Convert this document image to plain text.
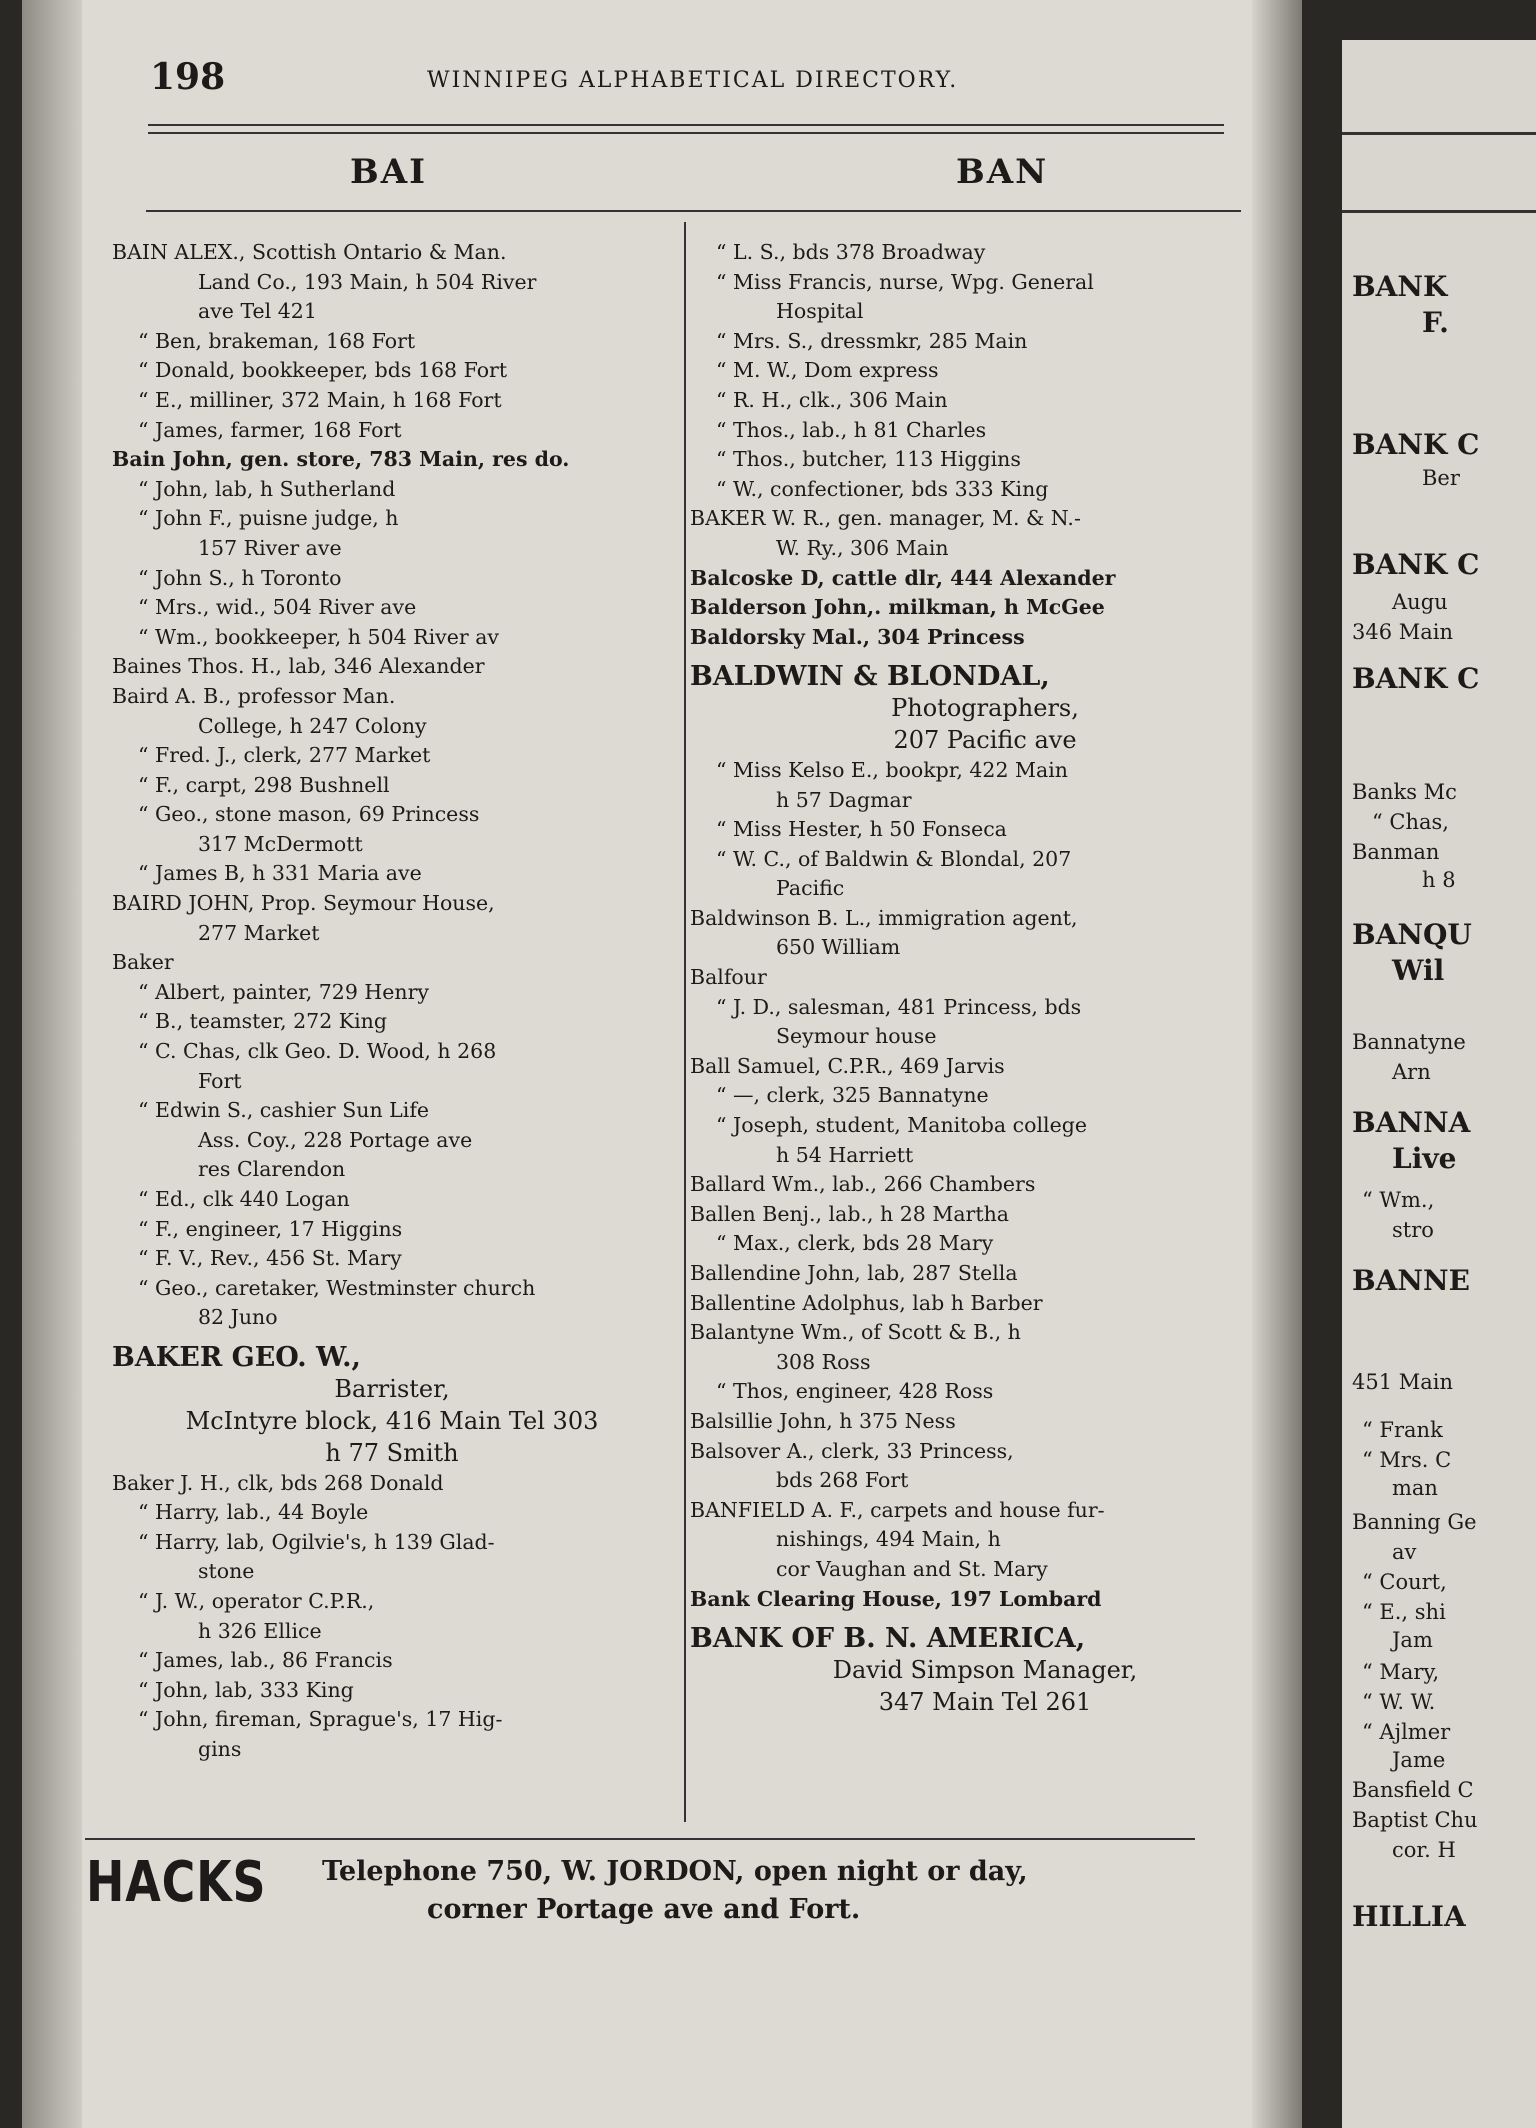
198	WINNIPEG ALPHABETICAL DIRECTORY.
BAI	BAN
BAIN ALEX., Scottish Ontario & Man.
Land Co., 193 Main, h 504 River
ave Tel 421
“ Ben, brakeman, 168 Fort
“ Donald, bookkeeper, bds 168 Fort
“ E., milliner, 372 Main, h 168 Fort
“ James, farmer, 168 Fort
Bain John, gen. store, 783 Main, res do.
“ John, lab, h Sutherland
“ John F., puisne judge, h
157 River ave
“ John S., h Toronto
“ Mrs., wid., 504 River ave
“ Wm., bookkeeper, h 504 River av
Baines Thos. H., lab, 346 Alexander
Baird A. B., professor Man.
College, h 247 Colony
“ Fred. J., clerk, 277 Market
“ F., carpt, 298 Bushnell
“ Geo., stone mason, 69 Princess
317 McDermott
“ James B, h 331 Maria ave
BAIRD JOHN, Prop. Seymour House,
277 Market
Baker
“ Albert, painter, 729 Henry
“ B., teamster, 272 King
“ C. Chas, clk Geo. D. Wood, h 268
Fort
“ Edwin S., cashier Sun Life
Ass. Coy., 228 Portage ave
res Clarendon
“ Ed., clk 440 Logan
“ F., engineer, 17 Higgins
“ F. V., Rev., 456 St. Mary
“ Geo., caretaker, Westminster church
82 Juno
BAKER GEO. W.,
Barrister,
McIntyre block, 416 Main Tel 303
h 77 Smith
Baker J. H., clk, bds 268 Donald
“ Harry, lab., 44 Boyle
“ Harry, lab, Ogilvie's, h 139 Glad-
stone
“ J. W., operator C.P.R.,
h 326 Ellice
“ James, lab., 86 Francis
“ John, lab, 333 King
“ John, fireman, Sprague's, 17 Hig-
gins
“ L. S., bds 378 Broadway
“ Miss Francis, nurse, Wpg. General
Hospital
“ Mrs. S., dressmkr, 285 Main
“ M. W., Dom express
“ R. H., clk., 306 Main
“ Thos., lab., h 81 Charles
“ Thos., butcher, 113 Higgins
“ W., confectioner, bds 333 King
BAKER W. R., gen. manager, M. & N.-
W. Ry., 306 Main
Balcoske D, cattle dlr, 444 Alexander
Balderson John,. milkman, h McGee
Baldorsky Mal., 304 Princess
BALDWIN & BLONDAL,
Photographers,
207 Pacific ave
“ Miss Kelso E., bookpr, 422 Main
h 57 Dagmar
“ Miss Hester, h 50 Fonseca
“ W. C., of Baldwin & Blondal, 207
Pacific
Baldwinson B. L., immigration agent,
650 William
Balfour
“ J. D., salesman, 481 Princess, bds
Seymour house
Ball Samuel, C.P.R., 469 Jarvis
“ —, clerk, 325 Bannatyne
“ Joseph, student, Manitoba college
h 54 Harriett
Ballard Wm., lab., 266 Chambers
Ballen Benj., lab., h 28 Martha
“ Max., clerk, bds 28 Mary
Ballendine John, lab, 287 Stella
Ballentine Adolphus, lab h Barber
Balantyne Wm., of Scott & B., h
308 Ross
“ Thos, engineer, 428 Ross
Balsillie John, h 375 Ness
Balsover A., clerk, 33 Princess,
bds 268 Fort
BANFIELD A. F., carpets and house fur-
nishings, 494 Main, h
cor Vaughan and St. Mary
Bank Clearing House, 197 Lombard
BANK OF B. N. AMERICA,
David Simpson Manager,
347 Main Tel 261
HACKS Telephone 750, W. JORDON, open night or day,
corner Portage ave and Fort.
BANK
F.
BANK C
Ber
BANK C
Augu
346 Main
BANK C
Banks Mc
“ Chas,
Banman
h 8
BANQU
Wil
Bannatyne
Arn
BANNA
Live
“ Wm.,
stro
BANNE
451 Main
“ Frank
“ Mrs. C
man
Banning Ge
av
“ Court,
“ E., shi
Jam
“ Mary,
“ W. W.
“ Ajlmer
Jame
Bansfield C
Baptist Chu
cor. H
HILLIA
